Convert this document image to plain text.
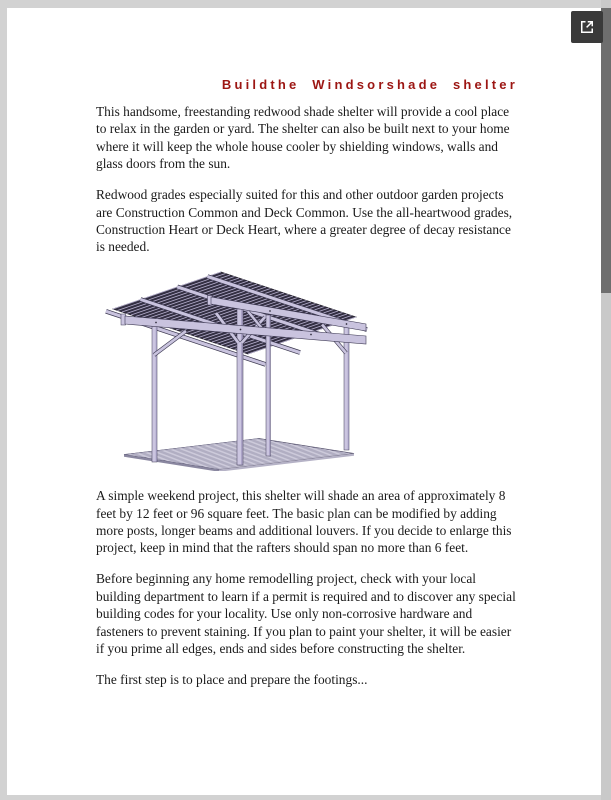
Buildthe Windsorshade shelter

This handsome, freestanding redwood shade shelter will provide a cool place to relax in the garden or yard. The shelter can also be built next to your home where it will keep the whole house cooler by shielding windows, walls and glass doors from the sun.

Redwood grades especially suited for this and other outdoor garden projects are Construction Common and Deck Common. Use the all-heartwood grades, Construction Heart or Deck Heart, where a greater degree of decay resistance is needed.

A simple weekend project, this shelter will shade an area of approximately 8 feet by 12 feet or 96 square feet. The basic plan can be modified by adding more posts, longer beams and additional louvers. If you decide to enlarge this project, keep in mind that the rafters should span no more than 6 feet.

Before beginning any home remodelling project, check with your local building department to learn if a permit is required and to discover any special building codes for your locality. Use only non-corrosive hardware and fasteners to prevent staining. If you plan to paint your shelter, it will be easier if you prime all edges, ends and sides before constructing the shelter.

The first step is to place and prepare the footings...
